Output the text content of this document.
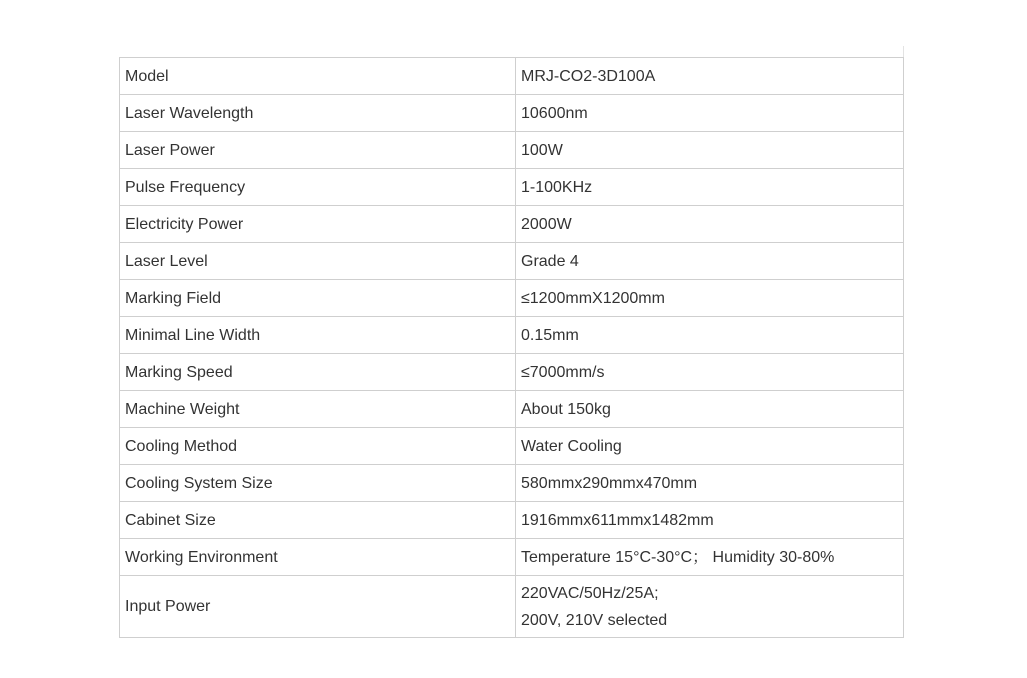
Model	MRJ-CO2-3D100A
Laser Wavelength	10600nm
Laser Power	100W
Pulse Frequency	1-100KHz
Electricity Power	2000W
Laser Level	Grade 4
Marking Field	≤1200mmX1200mm
Minimal Line Width	0.15mm
Marking Speed	≤7000mm/s
Machine Weight	About 150kg
Cooling Method	Water Cooling
Cooling System Size	580mmx290mmx470mm
Cabinet Size	1916mmx611mmx1482mm
Working Environment	Temperature 15°C-30°C； Humidity 30-80%
Input Power	220VAC/50Hz/25A;
200V, 210V selected
